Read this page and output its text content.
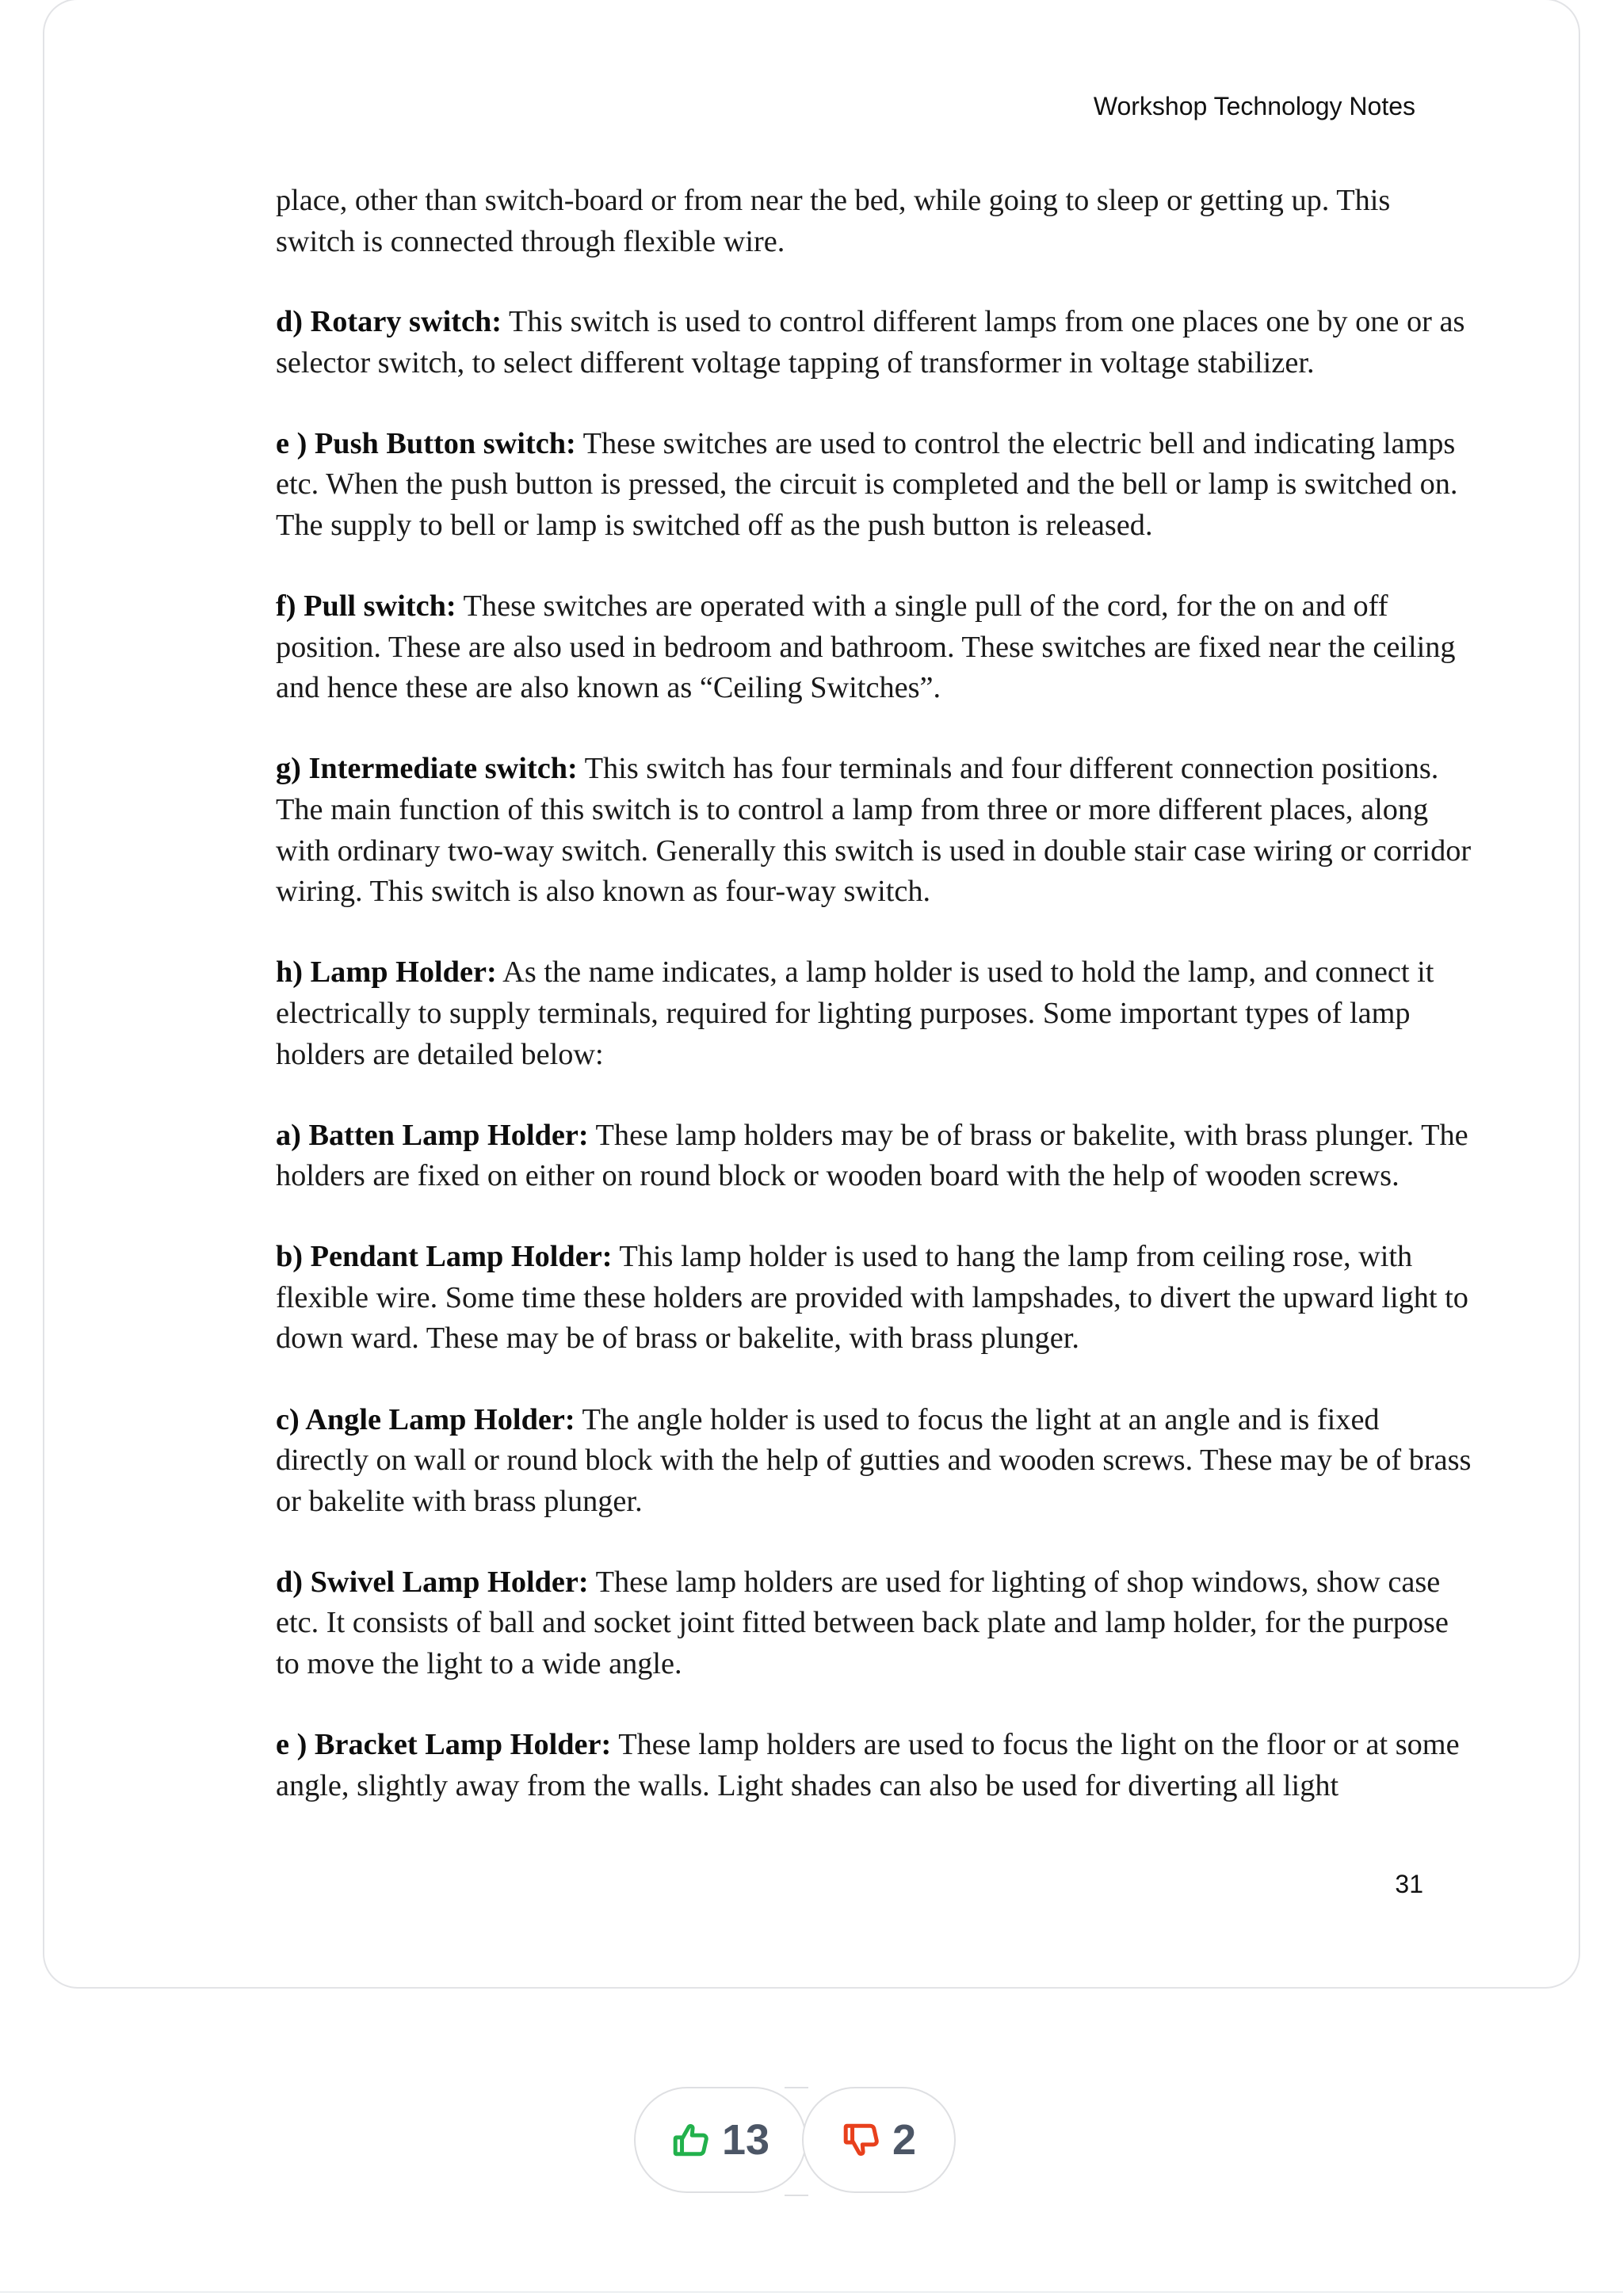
Workshop Technology Notes

place, other than switch-board or from near the bed, while going to sleep or getting up. This switch is connected through flexible wire.

d) Rotary switch: This switch is used to control different lamps from one places one by one or as selector switch, to select different voltage tapping of transformer in voltage stabilizer.

e ) Push Button switch: These switches are used to control the electric bell and indicating lamps etc. When the push button is pressed, the circuit is completed and the bell or lamp is switched on. The supply to bell or lamp is switched off as the push button is released.

f) Pull switch: These switches are operated with a single pull of the cord, for the on and off position. These are also used in bedroom and bathroom. These switches are fixed near the ceiling and hence these are also known as “Ceiling Switches”.

g) Intermediate switch: This switch has four terminals and four different connection positions. The main function of this switch is to control a lamp from three or more different places, along with ordinary two-way switch. Generally this switch is used in double stair case wiring or corridor wiring. This switch is also known as four-way switch.

h) Lamp Holder: As the name indicates, a lamp holder is used to hold the lamp, and connect it electrically to supply terminals, required for lighting purposes. Some important types of lamp holders are detailed below:

a) Batten Lamp Holder: These lamp holders may be of brass or bakelite, with brass plunger. The holders are fixed on either on round block or wooden board with the help of wooden screws.

b) Pendant Lamp Holder: This lamp holder is used to hang the lamp from ceiling rose, with flexible wire. Some time these holders are provided with lampshades, to divert the upward light to down ward. These may be of brass or bakelite, with brass plunger.

c) Angle Lamp Holder: The angle holder is used to focus the light at an angle and is fixed directly on wall or round block with the help of gutties and wooden screws. These may be of brass or bakelite with brass plunger.

d) Swivel Lamp Holder: These lamp holders are used for lighting of shop windows, show case etc. It consists of ball and socket joint fitted between back plate and lamp holder, for the purpose to move the light to a wide angle.

e ) Bracket Lamp Holder: These lamp holders are used to focus the light on the floor or at some angle, slightly away from the walls. Light shades can also be used for diverting all light

31
13	2
